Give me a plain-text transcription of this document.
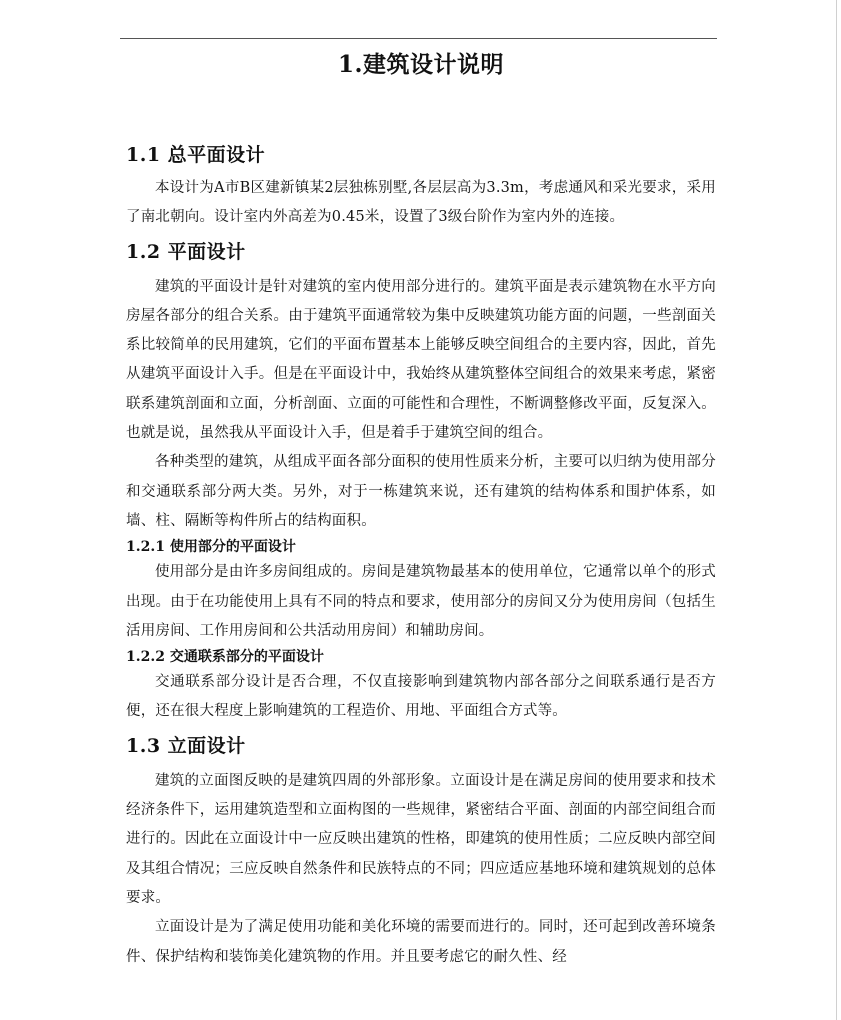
1.建筑设计说明
1.1 总平面设计

本设计为A市B区建新镇某2层独栋别墅,各层层高为3.3m，考虑通风和采光要求，采用了南北朝向。设计室内外高差为0.45米，设置了3级台阶作为室内外的连接。

1.2 平面设计

建筑的平面设计是针对建筑的室内使用部分进行的。建筑平面是表示建筑物在水平方向房屋各部分的组合关系。由于建筑平面通常较为集中反映建筑功能方面的问题，一些剖面关系比较简单的民用建筑，它们的平面布置基本上能够反映空间组合的主要内容，因此，首先从建筑平面设计入手。但是在平面设计中，我始终从建筑整体空间组合的效果来考虑，紧密联系建筑剖面和立面，分析剖面、立面的可能性和合理性，不断调整修改平面，反复深入。也就是说，虽然我从平面设计入手，但是着手于建筑空间的组合。

各种类型的建筑，从组成平面各部分面积的使用性质来分析，主要可以归纳为使用部分和交通联系部分两大类。另外，对于一栋建筑来说，还有建筑的结构体系和围护体系，如墙、柱、隔断等构件所占的结构面积。

1.2.1 使用部分的平面设计

使用部分是由许多房间组成的。房间是建筑物最基本的使用单位，它通常以单个的形式出现。由于在功能使用上具有不同的特点和要求，使用部分的房间又分为使用房间（包括生活用房间、工作用房间和公共活动用房间）和辅助房间。

1.2.2 交通联系部分的平面设计

交通联系部分设计是否合理，不仅直接影响到建筑物内部各部分之间联系通行是否方便，还在很大程度上影响建筑的工程造价、用地、平面组合方式等。

1.3 立面设计

建筑的立面图反映的是建筑四周的外部形象。立面设计是在满足房间的使用要求和技术经济条件下，运用建筑造型和立面构图的一些规律，紧密结合平面、剖面的内部空间组合而进行的。因此在立面设计中一应反映出建筑的性格，即建筑的使用性质；二应反映内部空间及其组合情况；三应反映自然条件和民族特点的不同；四应适应基地环境和建筑规划的总体要求。

立面设计是为了满足使用功能和美化环境的需要而进行的。同时，还可起到改善环境条件、保护结构和装饰美化建筑物的作用。并且要考虑它的耐久性、经
